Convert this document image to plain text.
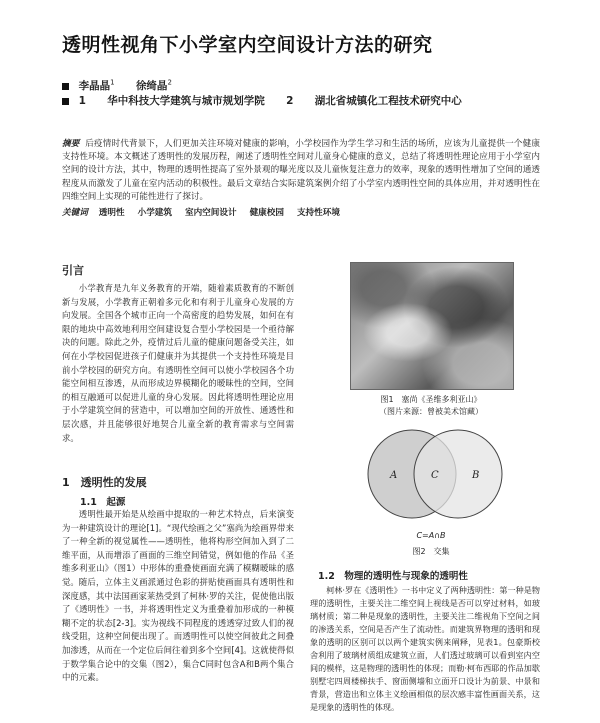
透明性视角下小学室内空间设计方法的研究
李晶晶$^1$ 徐绮晶$^2$
1 华中科技大学建筑与城市规划学院 2 湖北省城镇化工程技术研究中心
摘要 后疫情时代背景下，人们更加关注环境对健康的影响，小学校园作为学生学习和生活的场所，应该为儿童提供一个健康支持性环境。本文概述了透明性的发展历程，阐述了透明性空间对儿童身心健康的意义，总结了将透明性理论应用于小学室内空间的设计方法，其中，物理的透明性提高了室外景观的曝光度以及儿童恢复注意力的效率，现象的透明性增加了空间的通透程度从而激发了儿童在室内活动的积极性。最后文章结合实际建筑案例介绍了小学室内透明性空间的具体应用，并对透明性在四维空间上实现的可能性进行了探讨。
关键词 透明性 小学建筑 室内空间设计 健康校园 支持性环境
引言
小学教育是九年义务教育的开端，随着素质教育的不断创新与发展，小学教育正朝着多元化和有利于儿童身心发展的方向发展。全国各个城市正向一个高密度的趋势发展，如何在有限的地块中高效地利用空间建设复合型小学校园是一个亟待解决的问题。除此之外，疫情过后儿童的健康问题备受关注，如何在小学校园促进孩子们健康并为其提供一个支持性环境是目前小学校园的研究方向。有透明性空间可以使小学校园各个功能空间相互渗透，从而形成边界模糊化的暧昧性的空间，空间的相互融通可以促进儿童的身心发展。因此将透明性理论应用于小学建筑空间的营造中，可以增加空间的开放性、通透性和层次感，并且能够很好地契合儿童全新的教育需求与空间需求。
1　透明性的发展
1.1　起源
透明性最开始是从绘画中提取的一种艺术特点，后来演变为一种建筑设计的理论[1]。“现代绘画之父”塞尚为绘画界带来了一种全新的视觉属性——透明性，他将构形空间加入到了二维平面，从而增添了画面的三维空间错觉，例如他的作品《圣维多利亚山》（图1）中形体的重叠使画面充满了模糊暧昧的感觉。 随后，立体主义画派通过色彩的拼贴使画面具有透明性和深度感，其中法国画家莱热受到了柯林·罗的关注，促使他出版了《透明性》一书，并将透明性定义为重叠着加形成的一种模糊不定的状态[2-3]。实为视线不同程度的透透穿过致人们的视线受阻，这种空间便出现了。而透明性可以使空间彼此之间叠加渗透，从而在一个定位后间往着到多个空间[4]。这就使得似于数学集合论中的交集（图2），集合C同时包含A和B两个集合中的元素。
图1　塞尚《圣维多利亚山》
（图片来源：曾被美术馆藏）
A	B
C
C=A∩B
图2　交集
1.2　物理的透明性与现象的透明性
柯林·罗在《透明性》一书中定义了两种透明性：第一种是物理的透明性，主要关注二维空间上视线是否可以穿过材料，如玻璃材质；第二种是现象的透明性，主要关注二维视角下空间之间的渗透关系，空间是否产生了流动性。而建筑界物理的透明和现象的透明的区别可以以两个建筑实例来阐释，见表1。包豪斯校舍利用了玻璃材质组成建筑立面，人们透过玻璃可以看到室内空间的模样，这是物理的透明性的体现；而勒·柯布西耶的作品加歇别墅宅四周楼梯扶手、窗面侧墙和立面开口设计为前景、中景和背景，营造出和立体主义绘画相似的层次感丰富性画面关系，这是现象的透明性的体现。
